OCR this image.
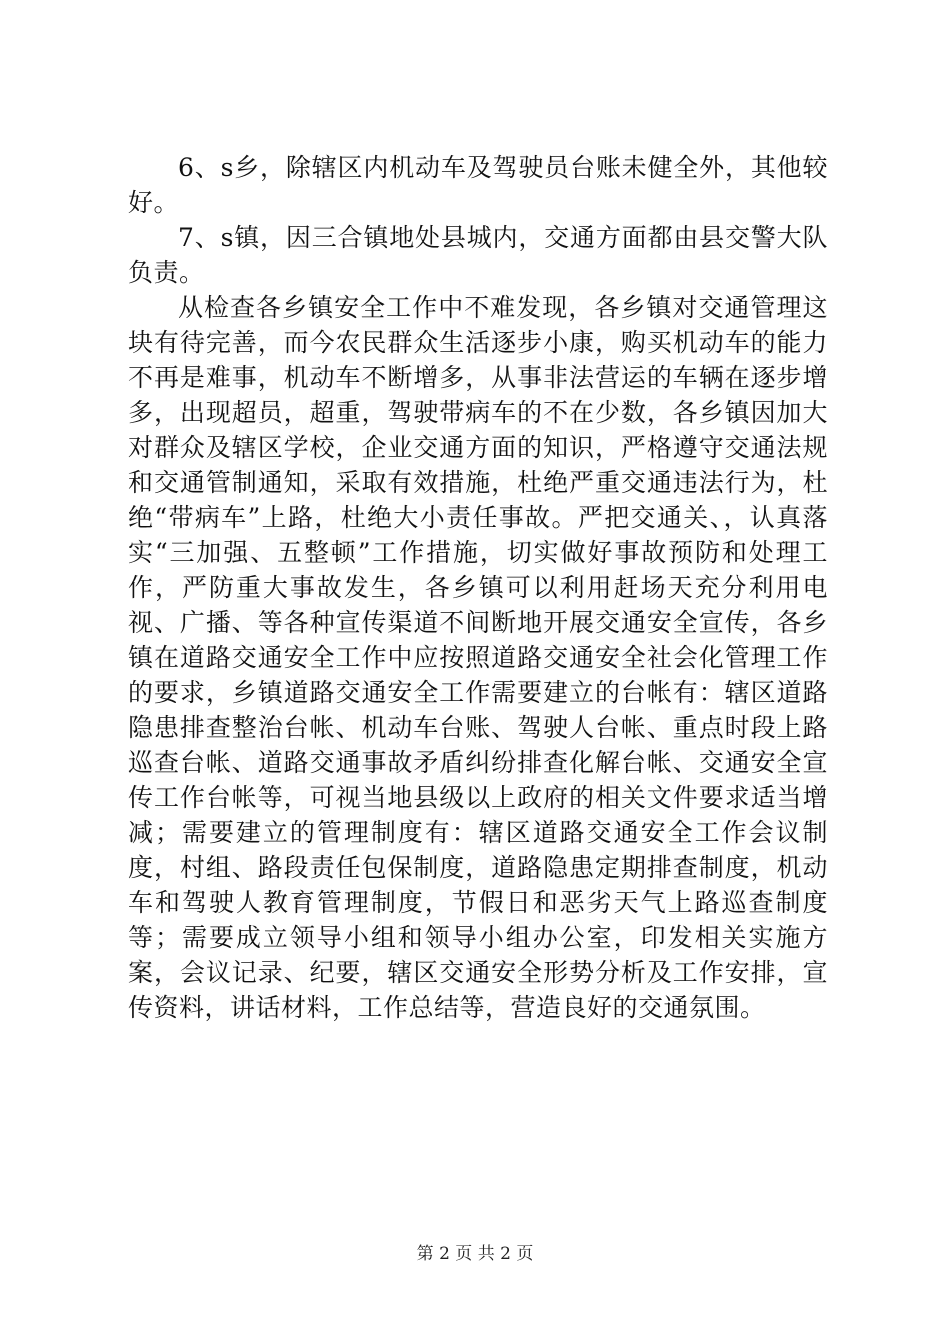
6、s乡，除辖区内机动车及驾驶员台账未健全外，其他较好。

7、s镇，因三合镇地处县城内，交通方面都由县交警大队负责。

从检查各乡镇安全工作中不难发现，各乡镇对交通管理这块有待完善，而今农民群众生活逐步小康，购买机动车的能力不再是难事，机动车不断增多，从事非法营运的车辆在逐步增多，出现超员，超重，驾驶带病车的不在少数，各乡镇因加大对群众及辖区学校，企业交通方面的知识，严格遵守交通法规和交通管制通知，采取有效措施，杜绝严重交通违法行为，杜绝“带病车”上路，杜绝大小责任事故。严把交通关、，认真落实“三加强、五整顿”工作措施，切实做好事故预防和处理工作，严防重大事故发生，各乡镇可以利用赶场天充分利用电视、广播、等各种宣传渠道不间断地开展交通安全宣传，各乡镇在道路交通安全工作中应按照道路交通安全社会化管理工作的要求，乡镇道路交通安全工作需要建立的台帐有：辖区道路隐患排查整治台帐、机动车台账、驾驶人台帐、重点时段上路巡查台帐、道路交通事故矛盾纠纷排查化解台帐、交通安全宣传工作台帐等，可视当地县级以上政府的相关文件要求适当增减；需要建立的管理制度有：辖区道路交通安全工作会议制度，村组、路段责任包保制度，道路隐患定期排查制度，机动车和驾驶人教育管理制度，节假日和恶劣天气上路巡查制度等；需要成立领导小组和领导小组办公室，印发相关实施方案，会议记录、纪要，辖区交通安全形势分析及工作安排，宣传资料，讲话材料，工作总结等，营造良好的交通氛围。

第 2 页 共 2 页
